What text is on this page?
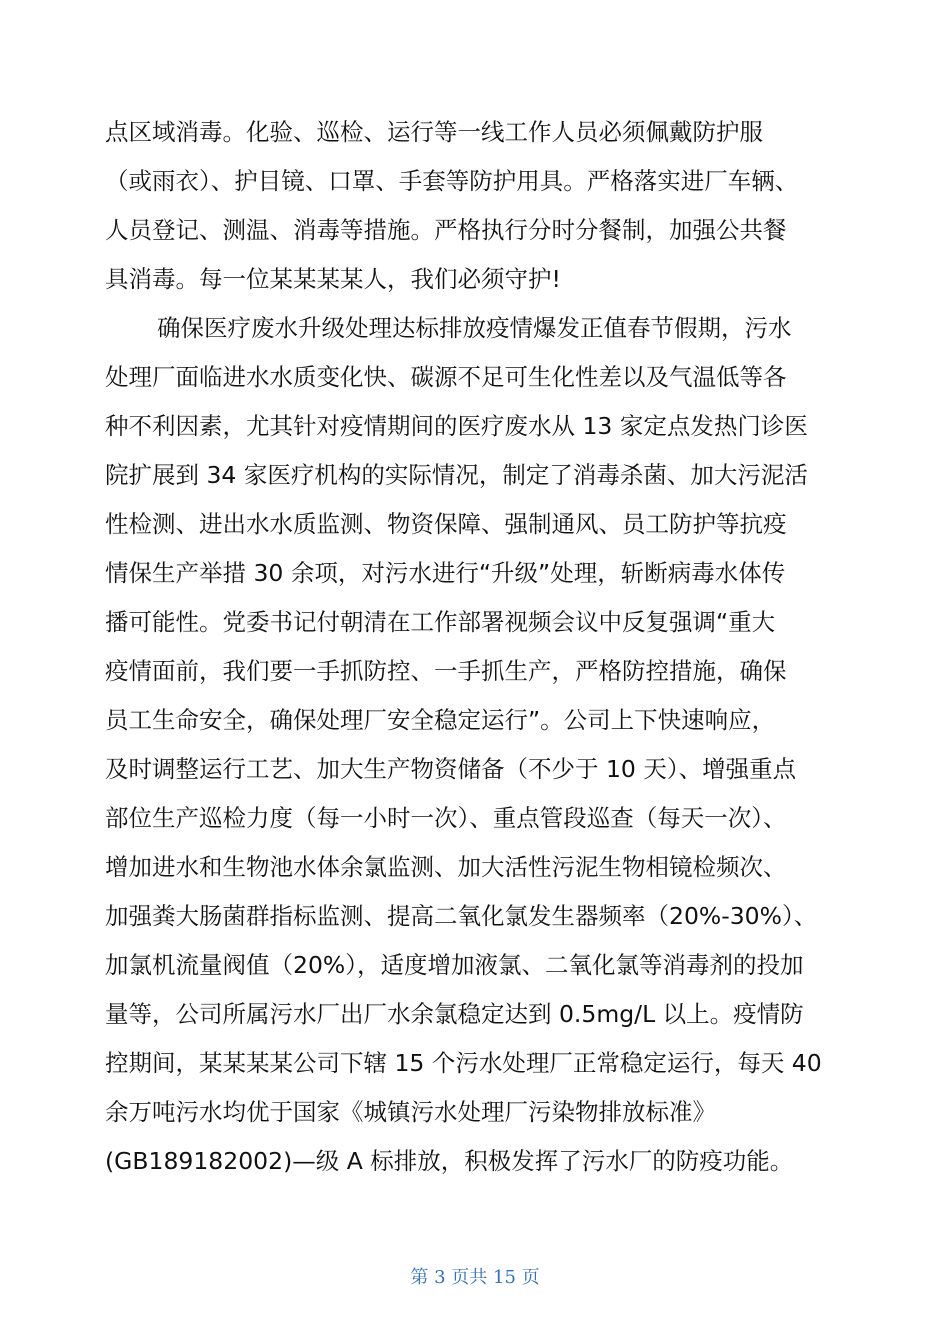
点区域消毒。化验、巡检、运行等一线工作人员必须佩戴防护服
（或雨衣）、护目镜、口罩、手套等防护用具。严格落实进厂车辆、
人员登记、测温、消毒等措施。严格执行分时分餐制，加强公共餐
具消毒。每一位某某某某人，我们必须守护!
确保医疗废水升级处理达标排放疫情爆发正值春节假期，污水
处理厂面临进水水质变化快、碳源不足可生化性差以及气温低等各
种不利因素，尤其针对疫情期间的医疗废水从 13 家定点发热门诊医
院扩展到 34 家医疗机构的实际情况，制定了消毒杀菌、加大污泥活
性检测、进出水水质监测、物资保障、强制通风、员工防护等抗疫
情保生产举措 30 余项，对污水进行“升级”处理，斩断病毒水体传
播可能性。党委书记付朝清在工作部署视频会议中反复强调“重大
疫情面前，我们要一手抓防控、一手抓生产，严格防控措施，确保
员工生命安全，确保处理厂安全稳定运行”。公司上下快速响应，
及时调整运行工艺、加大生产物资储备（不少于 10 天）、增强重点
部位生产巡检力度（每一小时一次）、重点管段巡查（每天一次）、
增加进水和生物池水体余氯监测、加大活性污泥生物相镜检频次、
加强粪大肠菌群指标监测、提高二氧化氯发生器频率（20%-30%）、
加氯机流量阀值（20%），适度增加液氯、二氧化氯等消毒剂的投加
量等，公司所属污水厂出厂水余氯稳定达到 0.5mg/L 以上。疫情防
控期间，某某某某公司下辖 15 个污水处理厂正常稳定运行，每天 40
余万吨污水均优于国家《城镇污水处理厂污染物排放标准》
(GB189182002)—级 A 标排放，积极发挥了污水厂的防疫功能。
第 3 页共 15 页
